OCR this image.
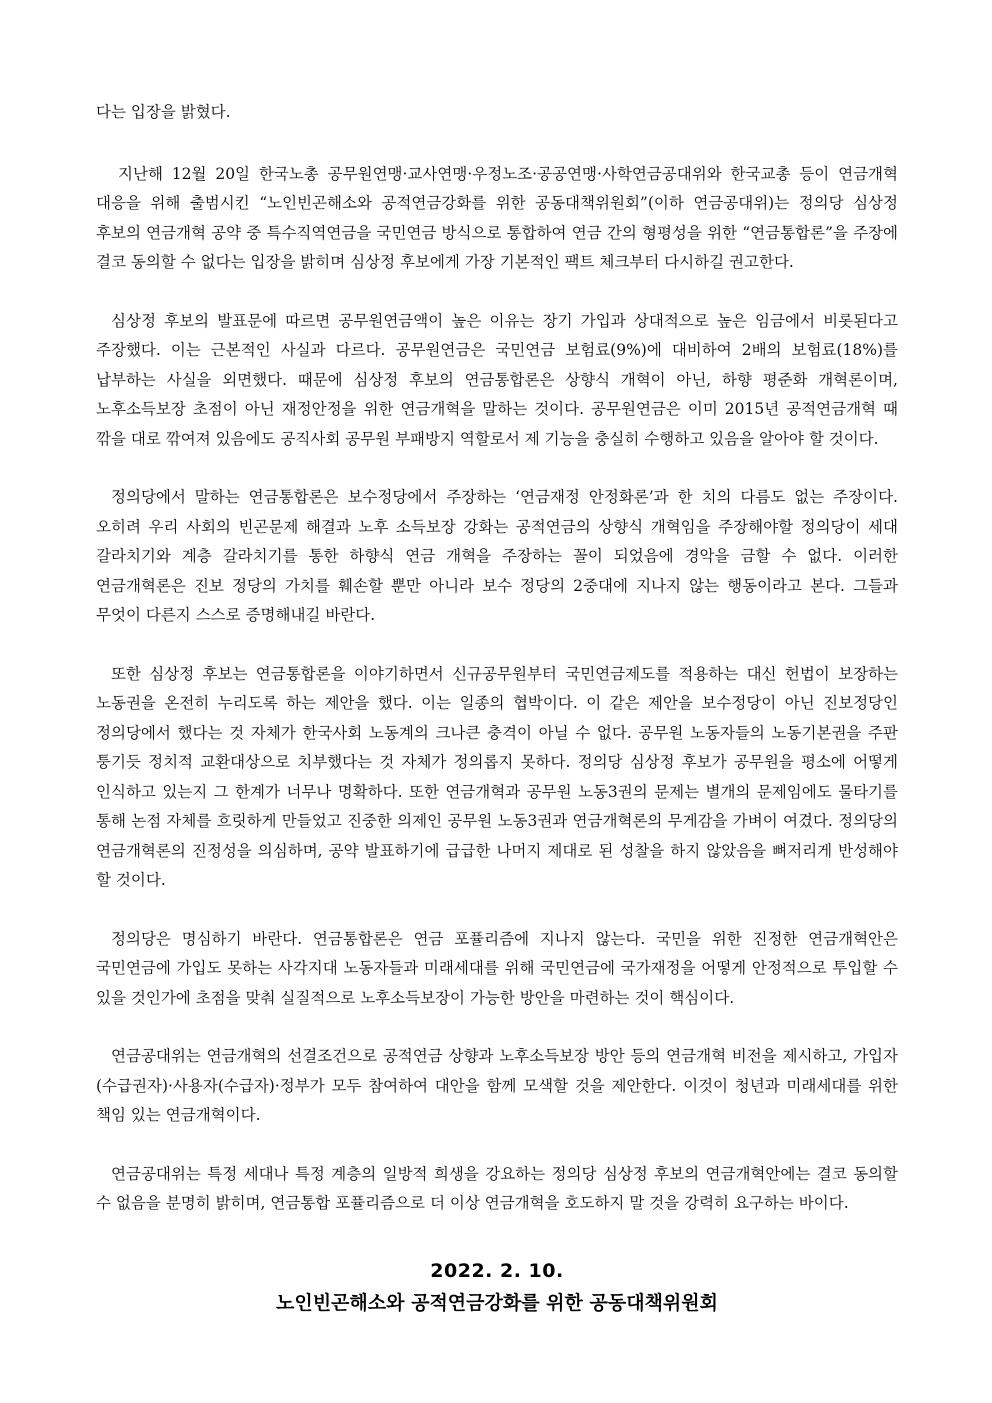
다는 입장을 밝혔다.

지난해 12월 20일 한국노총 공무원연맹·교사연맹·우정노조·공공연맹·사학연금공대위와 한국교총 등이 연금개혁 대응을 위해 출범시킨 “노인빈곤해소와 공적연금강화를 위한 공동대책위원회”(이하 연금공대위)는 정의당 심상정 후보의 연금개혁 공약 중 특수직역연금을 국민연금 방식으로 통합하여 연금 간의 형평성을 위한 “연금통합론”을 주장에 결코 동의할 수 없다는 입장을 밝히며 심상정 후보에게 가장 기본적인 팩트 체크부터 다시하길 권고한다.

심상정 후보의 발표문에 따르면 공무원연금액이 높은 이유는 장기 가입과 상대적으로 높은 임금에서 비롯된다고 주장했다. 이는 근본적인 사실과 다르다. 공무원연금은 국민연금 보험료(9%)에 대비하여 2배의 보험료(18%)를 납부하는 사실을 외면했다. 때문에 심상정 후보의 연금통합론은 상향식 개혁이 아닌, 하향 평준화 개혁론이며, 노후소득보장 초점이 아닌 재정안정을 위한 연금개혁을 말하는 것이다. 공무원연금은 이미 2015년 공적연금개혁 때 깎을 대로 깎여져 있음에도 공직사회 공무원 부패방지 역할로서 제 기능을 충실히 수행하고 있음을 알아야 할 것이다.

정의당에서 말하는 연금통합론은 보수정당에서 주장하는 ‘연금재정 안정화론’과 한 치의 다름도 없는 주장이다. 오히려 우리 사회의 빈곤문제 해결과 노후 소득보장 강화는 공적연금의 상향식 개혁임을 주장해야할 정의당이 세대 갈라치기와 계층 갈라치기를 통한 하향식 연금 개혁을 주장하는 꼴이 되었음에 경악을 금할 수 없다. 이러한 연금개혁론은 진보 정당의 가치를 훼손할 뿐만 아니라 보수 정당의 2중대에 지나지 않는 행동이라고 본다. 그들과 무엇이 다른지 스스로 증명해내길 바란다.

또한 심상정 후보는 연금통합론을 이야기하면서 신규공무원부터 국민연금제도를 적용하는 대신 헌법이 보장하는 노동권을 온전히 누리도록 하는 제안을 했다. 이는 일종의 협박이다. 이 같은 제안을 보수정당이 아닌 진보정당인 정의당에서 했다는 것 자체가 한국사회 노동계의 크나큰 충격이 아닐 수 없다. 공무원 노동자들의 노동기본권을 주판 퉁기듯 정치적 교환대상으로 치부했다는 것 자체가 정의롭지 못하다. 정의당 심상정 후보가 공무원을 평소에 어떻게 인식하고 있는지 그 한계가 너무나 명확하다. 또한 연금개혁과 공무원 노동3권의 문제는 별개의 문제임에도 물타기를 통해 논점 자체를 흐릿하게 만들었고 진중한 의제인 공무원 노동3권과 연금개혁론의 무게감을 가벼이 여겼다. 정의당의 연금개혁론의 진정성을 의심하며, 공약 발표하기에 급급한 나머지 제대로 된 성찰을 하지 않았음을 뼈저리게 반성해야 할 것이다.

정의당은 명심하기 바란다. 연금통합론은 연금 포퓰리즘에 지나지 않는다. 국민을 위한 진정한 연금개혁안은 국민연금에 가입도 못하는 사각지대 노동자들과 미래세대를 위해 국민연금에 국가재정을 어떻게 안정적으로 투입할 수 있을 것인가에 초점을 맞춰 실질적으로 노후소득보장이 가능한 방안을 마련하는 것이 핵심이다.

연금공대위는 연금개혁의 선결조건으로 공적연금 상향과 노후소득보장 방안 등의 연금개혁 비전을 제시하고, 가입자(수급권자)·사용자(수급자)·정부가 모두 참여하여 대안을 함께 모색할 것을 제안한다. 이것이 청년과 미래세대를 위한 책임 있는 연금개혁이다.

연금공대위는 특정 세대나 특정 계층의 일방적 희생을 강요하는 정의당 심상정 후보의 연금개혁안에는 결코 동의할 수 없음을 분명히 밝히며, 연금통합 포퓰리즘으로 더 이상 연금개혁을 호도하지 말 것을 강력히 요구하는 바이다.

2022. 2. 10.
노인빈곤해소와 공적연금강화를 위한 공동대책위원회
